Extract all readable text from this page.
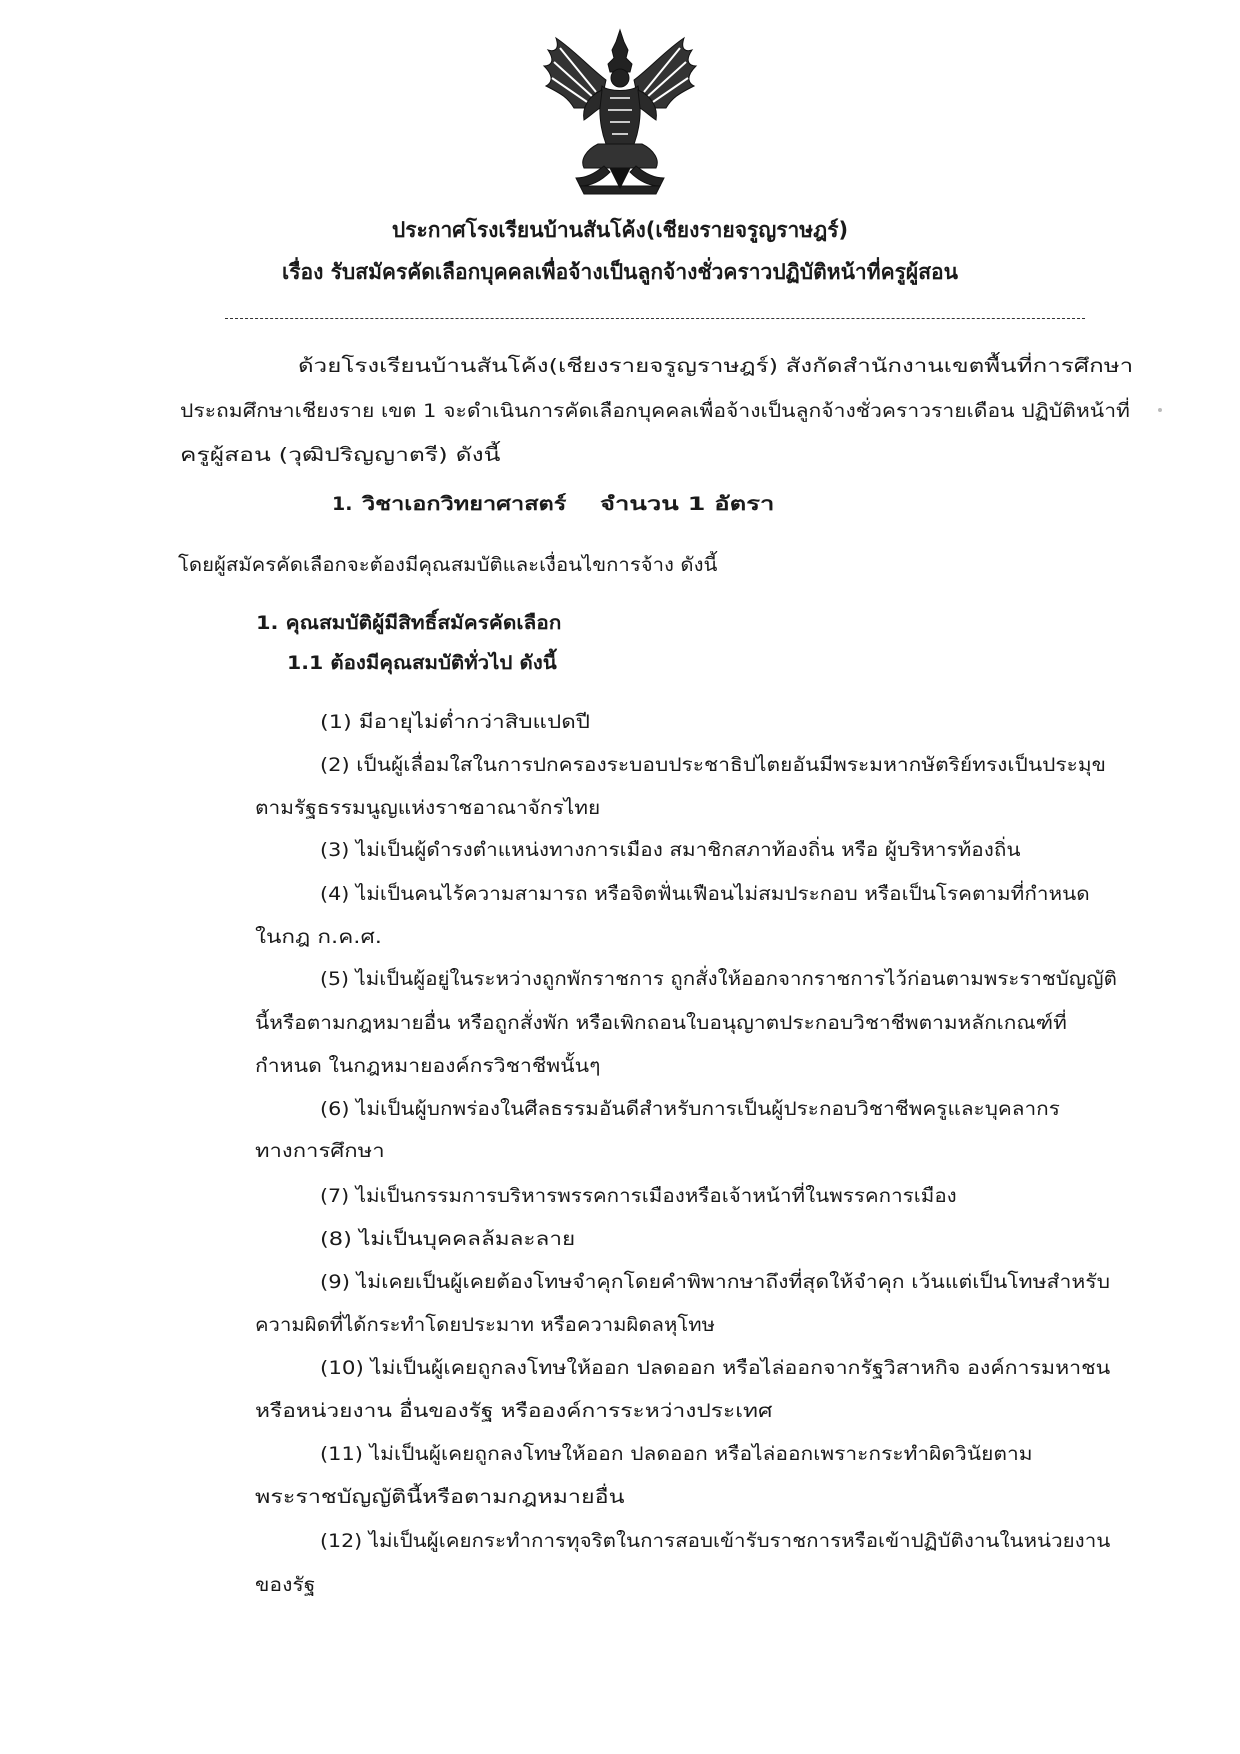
ประกาศโรงเรียนบ้านสันโค้ง(เชียงรายจรูญราษฎร์)
เรื่อง รับสมัครคัดเลือกบุคคลเพื่อจ้างเป็นลูกจ้างชั่วคราวปฏิบัติหน้าที่ครูผู้สอน
ด้วยโรงเรียนบ้านสันโค้ง(เชียงรายจรูญราษฎร์) สังกัดสำนักงานเขตพื้นที่การศึกษา
ประถมศึกษาเชียงราย เขต 1 จะดำเนินการคัดเลือกบุคคลเพื่อจ้างเป็นลูกจ้างชั่วคราวรายเดือน ปฏิบัติหน้าที่
ครูผู้สอน (วุฒิปริญญาตรี) ดังนี้
1. วิชาเอกวิทยาศาสตร์ จำนวน 1 อัตรา
โดยผู้สมัครคัดเลือกจะต้องมีคุณสมบัติและเงื่อนไขการจ้าง ดังนี้
1. คุณสมบัติผู้มีสิทธิ์สมัครคัดเลือก
1.1 ต้องมีคุณสมบัติทั่วไป ดังนี้
(1) มีอายุไม่ต่ำกว่าสิบแปดปี
(2) เป็นผู้เลื่อมใสในการปกครองระบอบประชาธิปไตยอันมีพระมหากษัตริย์ทรงเป็นประมุข
ตามรัฐธรรมนูญแห่งราชอาณาจักรไทย
(3) ไม่เป็นผู้ดำรงตำแหน่งทางการเมือง สมาชิกสภาท้องถิ่น หรือ ผู้บริหารท้องถิ่น
(4) ไม่เป็นคนไร้ความสามารถ หรือจิตฟั่นเฟือนไม่สมประกอบ หรือเป็นโรคตามที่กำหนด
ในกฎ ก.ค.ศ.
(5) ไม่เป็นผู้อยู่ในระหว่างถูกพักราชการ ถูกสั่งให้ออกจากราชการไว้ก่อนตามพระราชบัญญัติ
นี้หรือตามกฎหมายอื่น หรือถูกสั่งพัก หรือเพิกถอนใบอนุญาตประกอบวิชาชีพตามหลักเกณฑ์ที่
กำหนด ในกฎหมายองค์กรวิชาชีพนั้นๆ
(6) ไม่เป็นผู้บกพร่องในศีลธรรมอันดีสำหรับการเป็นผู้ประกอบวิชาชีพครูและบุคลากร
ทางการศึกษา
(7) ไม่เป็นกรรมการบริหารพรรคการเมืองหรือเจ้าหน้าที่ในพรรคการเมือง
(8) ไม่เป็นบุคคลล้มละลาย
(9) ไม่เคยเป็นผู้เคยต้องโทษจำคุกโดยคำพิพากษาถึงที่สุดให้จำคุก เว้นแต่เป็นโทษสำหรับ
ความผิดที่ได้กระทำโดยประมาท หรือความผิดลหุโทษ
(10) ไม่เป็นผู้เคยถูกลงโทษให้ออก ปลดออก หรือไล่ออกจากรัฐวิสาหกิจ องค์การมหาชน
หรือหน่วยงาน อื่นของรัฐ หรือองค์การระหว่างประเทศ
(11) ไม่เป็นผู้เคยถูกลงโทษให้ออก ปลดออก หรือไล่ออกเพราะกระทำผิดวินัยตาม
พระราชบัญญัตินี้หรือตามกฎหมายอื่น
(12) ไม่เป็นผู้เคยกระทำการทุจริตในการสอบเข้ารับราชการหรือเข้าปฏิบัติงานในหน่วยงาน
ของรัฐ
